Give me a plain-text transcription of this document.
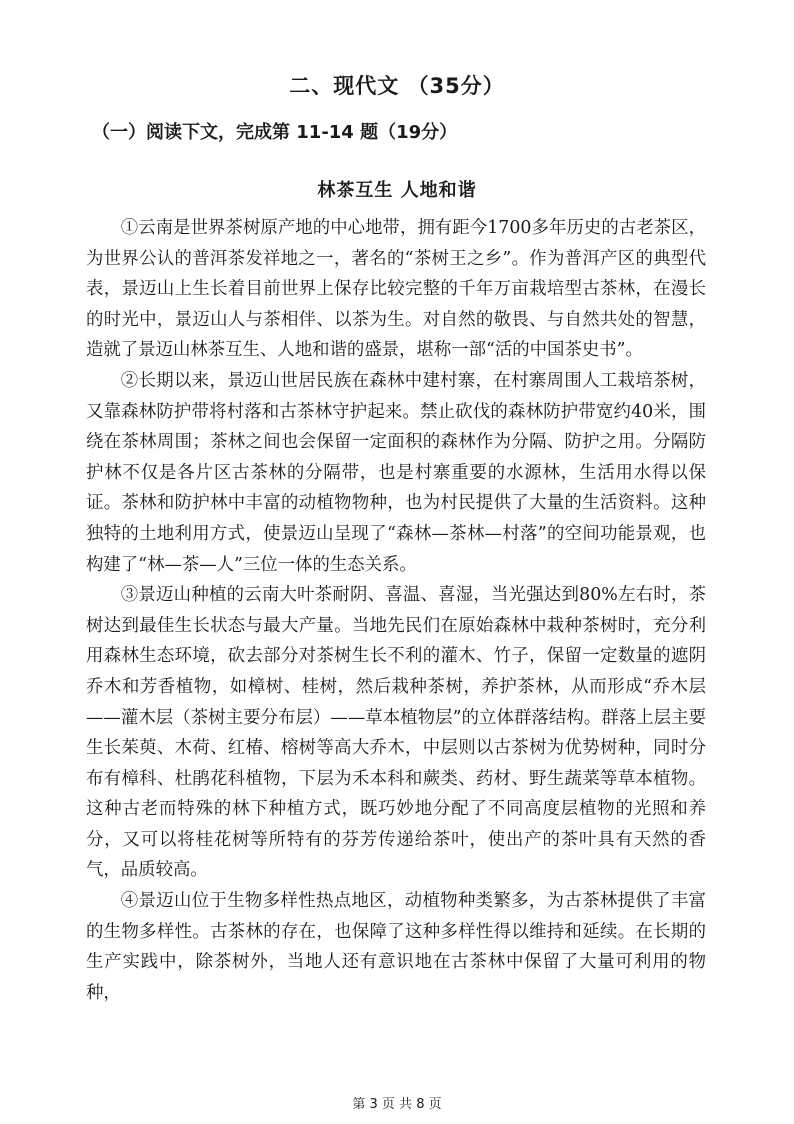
二、现代文 （35分）
（一）阅读下文，完成第 11-14 题（19分）
林茶互生 人地和谐

①云南是世界茶树原产地的中心地带，拥有距今1700多年历史的古老茶区，为世界公认的普洱茶发祥地之一，著名的“茶树王之乡”。作为普洱产区的典型代表，景迈山上生长着目前世界上保存比较完整的千年万亩栽培型古茶林，在漫长的时光中，景迈山人与茶相伴、以茶为生。对自然的敬畏、与自然共处的智慧，造就了景迈山林茶互生、人地和谐的盛景，堪称一部“活的中国茶史书”。

②长期以来，景迈山世居民族在森林中建村寨，在村寨周围人工栽培茶树，又靠森林防护带将村落和古茶林守护起来。禁止砍伐的森林防护带宽约40米，围绕在茶林周围；茶林之间也会保留一定面积的森林作为分隔、防护之用。分隔防护林不仅是各片区古茶林的分隔带，也是村寨重要的水源林，生活用水得以保证。茶林和防护林中丰富的动植物物种，也为村民提供了大量的生活资料。这种独特的土地利用方式，使景迈山呈现了“森林—茶林—村落”的空间功能景观，也构建了“林—茶—人”三位一体的生态关系。

③景迈山种植的云南大叶茶耐阴、喜温、喜湿，当光强达到80%左右时，茶树达到最佳生长状态与最大产量。当地先民们在原始森林中栽种茶树时，充分利用森林生态环境，砍去部分对茶树生长不利的灌木、竹子，保留一定数量的遮阴乔木和芳香植物，如樟树、桂树，然后栽种茶树，养护茶林，从而形成“乔木层——灌木层（茶树主要分布层）——草本植物层”的立体群落结构。群落上层主要生长茱萸、木荷、红椿、榕树等高大乔木，中层则以古茶树为优势树种，同时分布有樟科、杜鹃花科植物，下层为禾本科和蕨类、药材、野生蔬菜等草本植物。这种古老而特殊的林下种植方式，既巧妙地分配了不同高度层植物的光照和养分，又可以将桂花树等所特有的芬芳传递给茶叶，使出产的茶叶具有天然的香气，品质较高。

④景迈山位于生物多样性热点地区，动植物种类繁多，为古茶林提供了丰富的生物多样性。古茶林的存在，也保障了这种多样性得以维持和延续。在长期的生产实践中，除茶树外，当地人还有意识地在古茶林中保留了大量可利用的物种，

第 3 页 共 8 页
